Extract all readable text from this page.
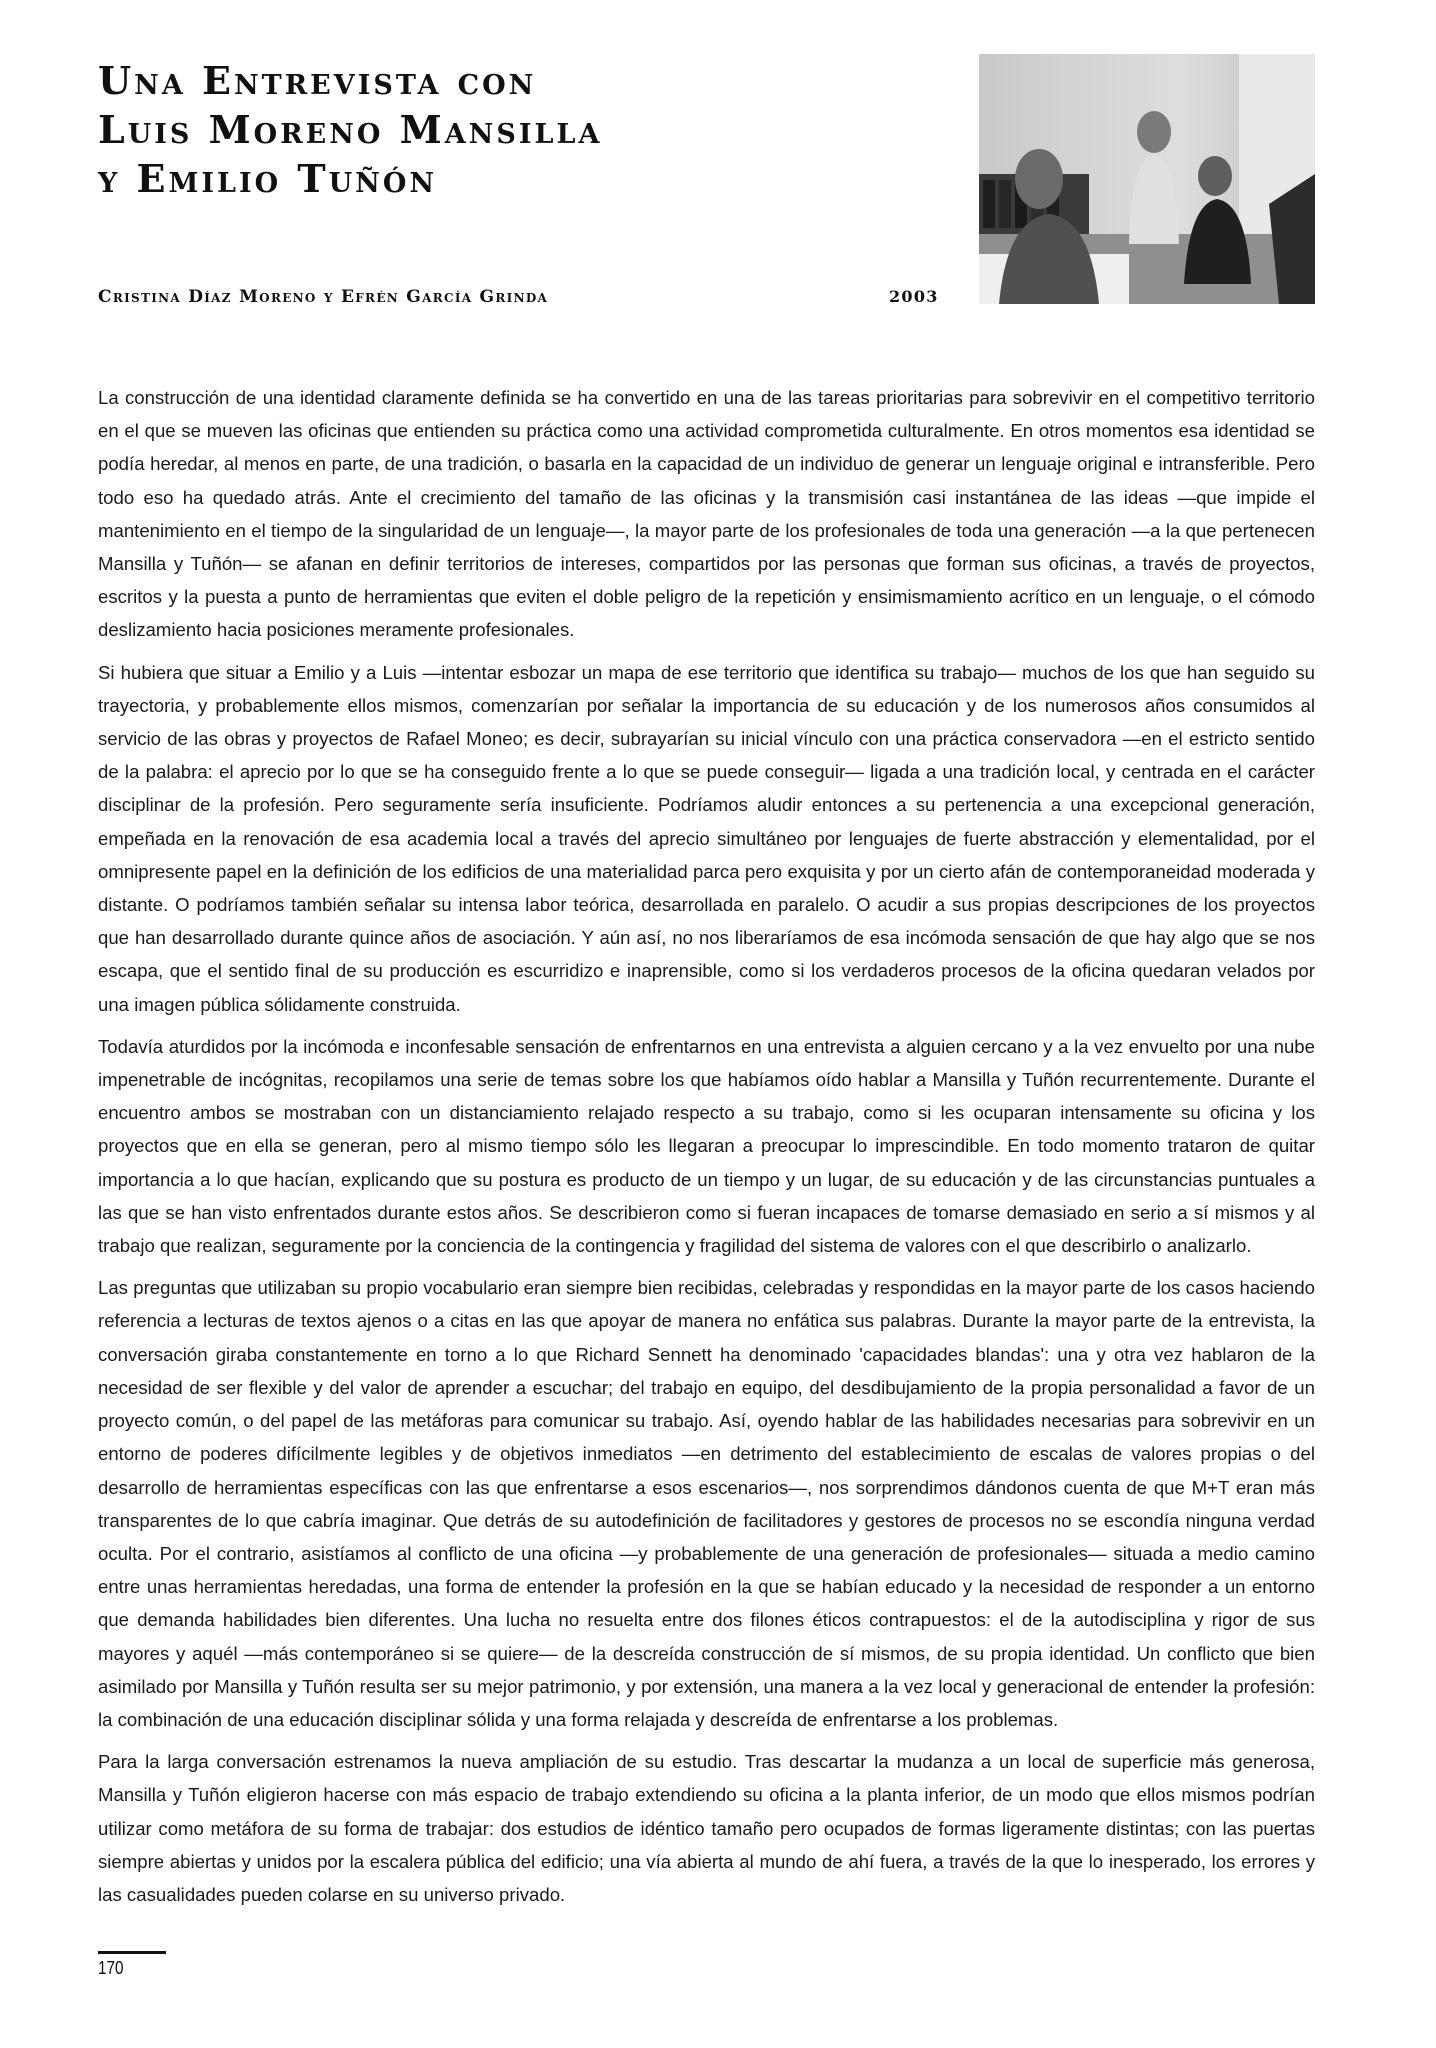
Una Entrevista con
Luis Moreno Mansilla
y Emilio Tuñón
Cristina Díaz Moreno y Efrén García Grinda	2003

La construcción de una identidad claramente definida se ha convertido en una de las tareas prioritarias para sobrevivir en el competitivo territorio en el que se mueven las oficinas que entienden su práctica como una actividad comprometida culturalmente. En otros momentos esa identidad se podía heredar, al menos en parte, de una tradición, o basarla en la capacidad de un individuo de generar un lenguaje original e intransferible. Pero todo eso ha quedado atrás. Ante el crecimiento del tamaño de las oficinas y la transmisión casi instantánea de las ideas —que impide el mantenimiento en el tiempo de la singularidad de un lenguaje—, la mayor parte de los profesionales de toda una generación —a la que pertenecen Mansilla y Tuñón— se afanan en definir territorios de intereses, compartidos por las personas que forman sus oficinas, a través de proyectos, escritos y la puesta a punto de herramientas que eviten el doble peligro de la repetición y ensimismamiento acrítico en un lenguaje, o el cómodo deslizamiento hacia posiciones meramente profesionales.

Si hubiera que situar a Emilio y a Luis —intentar esbozar un mapa de ese territorio que identifica su trabajo— muchos de los que han seguido su trayectoria, y probablemente ellos mismos, comenzarían por señalar la importancia de su educación y de los numerosos años consumidos al servicio de las obras y proyectos de Rafael Moneo; es decir, subrayarían su inicial vínculo con una práctica conservadora —en el estricto sentido de la palabra: el aprecio por lo que se ha conseguido frente a lo que se puede conseguir— ligada a una tradición local, y centrada en el carácter disciplinar de la profesión. Pero seguramente sería insuficiente. Podríamos aludir entonces a su pertenencia a una excepcional generación, empeñada en la renovación de esa academia local a través del aprecio simultáneo por lenguajes de fuerte abstracción y elementalidad, por el omnipresente papel en la definición de los edificios de una materialidad parca pero exquisita y por un cierto afán de contemporaneidad moderada y distante. O podríamos también señalar su intensa labor teórica, desarrollada en paralelo. O acudir a sus propias descripciones de los proyectos que han desarrollado durante quince años de asociación. Y aún así, no nos liberaríamos de esa incómoda sensación de que hay algo que se nos escapa, que el sentido final de su producción es escurridizo e inaprensible, como si los verdaderos procesos de la oficina quedaran velados por una imagen pública sólidamente construida.

Todavía aturdidos por la incómoda e inconfesable sensación de enfrentarnos en una entrevista a alguien cercano y a la vez envuelto por una nube impenetrable de incógnitas, recopilamos una serie de temas sobre los que habíamos oído hablar a Mansilla y Tuñón recurrentemente. Durante el encuentro ambos se mostraban con un distanciamiento relajado respecto a su trabajo, como si les ocuparan intensamente su oficina y los proyectos que en ella se generan, pero al mismo tiempo sólo les llegaran a preocupar lo imprescindible. En todo momento trataron de quitar importancia a lo que hacían, explicando que su postura es producto de un tiempo y un lugar, de su educación y de las circunstancias puntuales a las que se han visto enfrentados durante estos años. Se describieron como si fueran incapaces de tomarse demasiado en serio a sí mismos y al trabajo que realizan, seguramente por la conciencia de la contingencia y fragilidad del sistema de valores con el que describirlo o analizarlo.

Las preguntas que utilizaban su propio vocabulario eran siempre bien recibidas, celebradas y respondidas en la mayor parte de los casos haciendo referencia a lecturas de textos ajenos o a citas en las que apoyar de manera no enfática sus palabras. Durante la mayor parte de la entrevista, la conversación giraba constantemente en torno a lo que Richard Sennett ha denominado 'capacidades blandas': una y otra vez hablaron de la necesidad de ser flexible y del valor de aprender a escuchar; del trabajo en equipo, del desdibujamiento de la propia personalidad a favor de un proyecto común, o del papel de las metáforas para comunicar su trabajo. Así, oyendo hablar de las habilidades necesarias para sobrevivir en un entorno de poderes difícilmente legibles y de objetivos inmediatos —en detrimento del establecimiento de escalas de valores propias o del desarrollo de herramientas específicas con las que enfrentarse a esos escenarios—, nos sorprendimos dándonos cuenta de que M+T eran más transparentes de lo que cabría imaginar. Que detrás de su autodefinición de facilitadores y gestores de procesos no se escondía ninguna verdad oculta. Por el contrario, asistíamos al conflicto de una oficina —y probablemente de una generación de profesionales— situada a medio camino entre unas herramientas heredadas, una forma de entender la profesión en la que se habían educado y la necesidad de responder a un entorno que demanda habilidades bien diferentes. Una lucha no resuelta entre dos filones éticos contrapuestos: el de la autodisciplina y rigor de sus mayores y aquél —más contemporáneo si se quiere— de la descreída construcción de sí mismos, de su propia identidad. Un conflicto que bien asimilado por Mansilla y Tuñón resulta ser su mejor patrimonio, y por extensión, una manera a la vez local y generacional de entender la profesión: la combinación de una educación disciplinar sólida y una forma relajada y descreída de enfrentarse a los problemas.

Para la larga conversación estrenamos la nueva ampliación de su estudio. Tras descartar la mudanza a un local de superficie más generosa, Mansilla y Tuñón eligieron hacerse con más espacio de trabajo extendiendo su oficina a la planta inferior, de un modo que ellos mismos podrían utilizar como metáfora de su forma de trabajar: dos estudios de idéntico tamaño pero ocupados de formas ligeramente distintas; con las puertas siempre abiertas y unidos por la escalera pública del edificio; una vía abierta al mundo de ahí fuera, a través de la que lo inesperado, los errores y las casualidades pueden colarse en su universo privado.

170
